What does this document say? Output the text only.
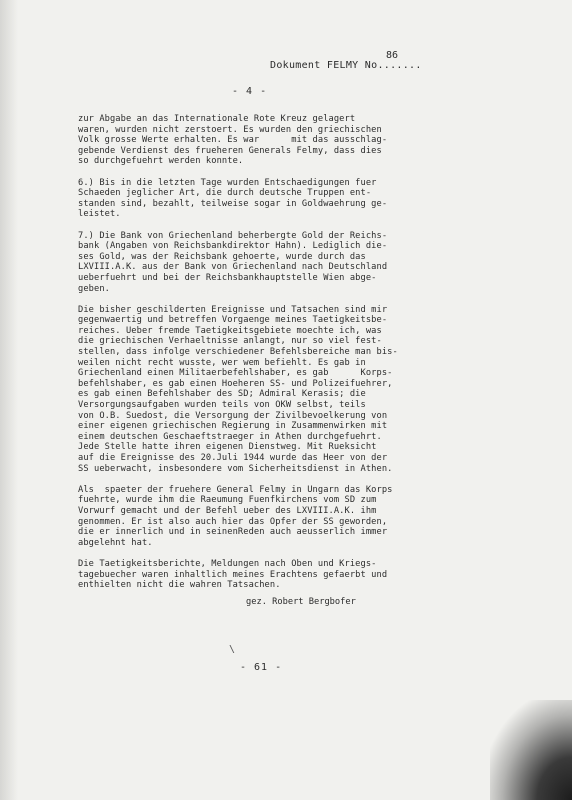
86
Dokument FELMY No.......
- 4 -
zur Abgabe an das Internationale Rote Kreuz gelagert
waren, wurden nicht zerstoert. Es wurden den griechischen
Volk grosse Werte erhalten. Es war      mit das ausschlag-
gebende Verdienst des frueheren Generals Felmy, dass dies
so durchgefuehrt werden konnte.
6.) Bis in die letzten Tage wurden Entschaedigungen fuer
Schaeden jeglicher Art, die durch deutsche Truppen ent-
standen sind, bezahlt, teilweise sogar in Goldwaehrung ge-
leistet.
7.) Die Bank von Griechenland beherbergte Gold der Reichs-
bank (Angaben von Reichsbankdirektor Hahn). Lediglich die-
ses Gold, was der Reichsbank gehoerte, wurde durch das
LXVIII.A.K. aus der Bank von Griechenland nach Deutschland
ueberfuehrt und bei der Reichsbankhauptstelle Wien abge-
geben.
Die bisher geschilderten Ereignisse und Tatsachen sind mir
gegenwaertig und betreffen Vorgaenge meines Taetigkeitsbe-
reiches. Ueber fremde Taetigkeitsgebiete moechte ich, was
die griechischen Verhaeltnisse anlangt, nur so viel fest-
stellen, dass infolge verschiedener Befehlsbereiche man bis-
weilen nicht recht wusste, wer wem befiehlt. Es gab in
Griechenland einen Militaerbefehlshaber, es gab      Korps-
befehlshaber, es gab einen Hoeheren SS- und Polizeifuehrer,
es gab einen Befehlshaber des SD; Admiral Kerasis; die
Versorgungsaufgaben wurden teils von OKW selbst, teils
von O.B. Suedost, die Versorgung der Zivilbevoelkerung von
einer eigenen griechischen Regierung in Zusammenwirken mit
einem deutschen Geschaeftstraeger in Athen durchgefuehrt.
Jede Stelle hatte ihren eigenen Dienstweg. Mit Rueksicht
auf die Ereignisse des 20.Juli 1944 wurde das Heer von der
SS ueberwacht, insbesondere vom Sicherheitsdienst in Athen.
Als  spaeter der fruehere General Felmy in Ungarn das Korps
fuehrte, wurde ihm die Raeumung Fuenfkirchens vom SD zum
Vorwurf gemacht und der Befehl ueber des LXVIII.A.K. ihm
genommen. Er ist also auch hier das Opfer der SS geworden,
die er innerlich und in seinenReden auch aeusserlich immer
abgelehnt hat.
Die Taetigkeitsberichte, Meldungen nach Oben und Kriegs-
tagebuecher waren inhaltlich meines Erachtens gefaerbt und
enthielten nicht die wahren Tatsachen.
gez. Robert Bergbofer
\
- 61 -
